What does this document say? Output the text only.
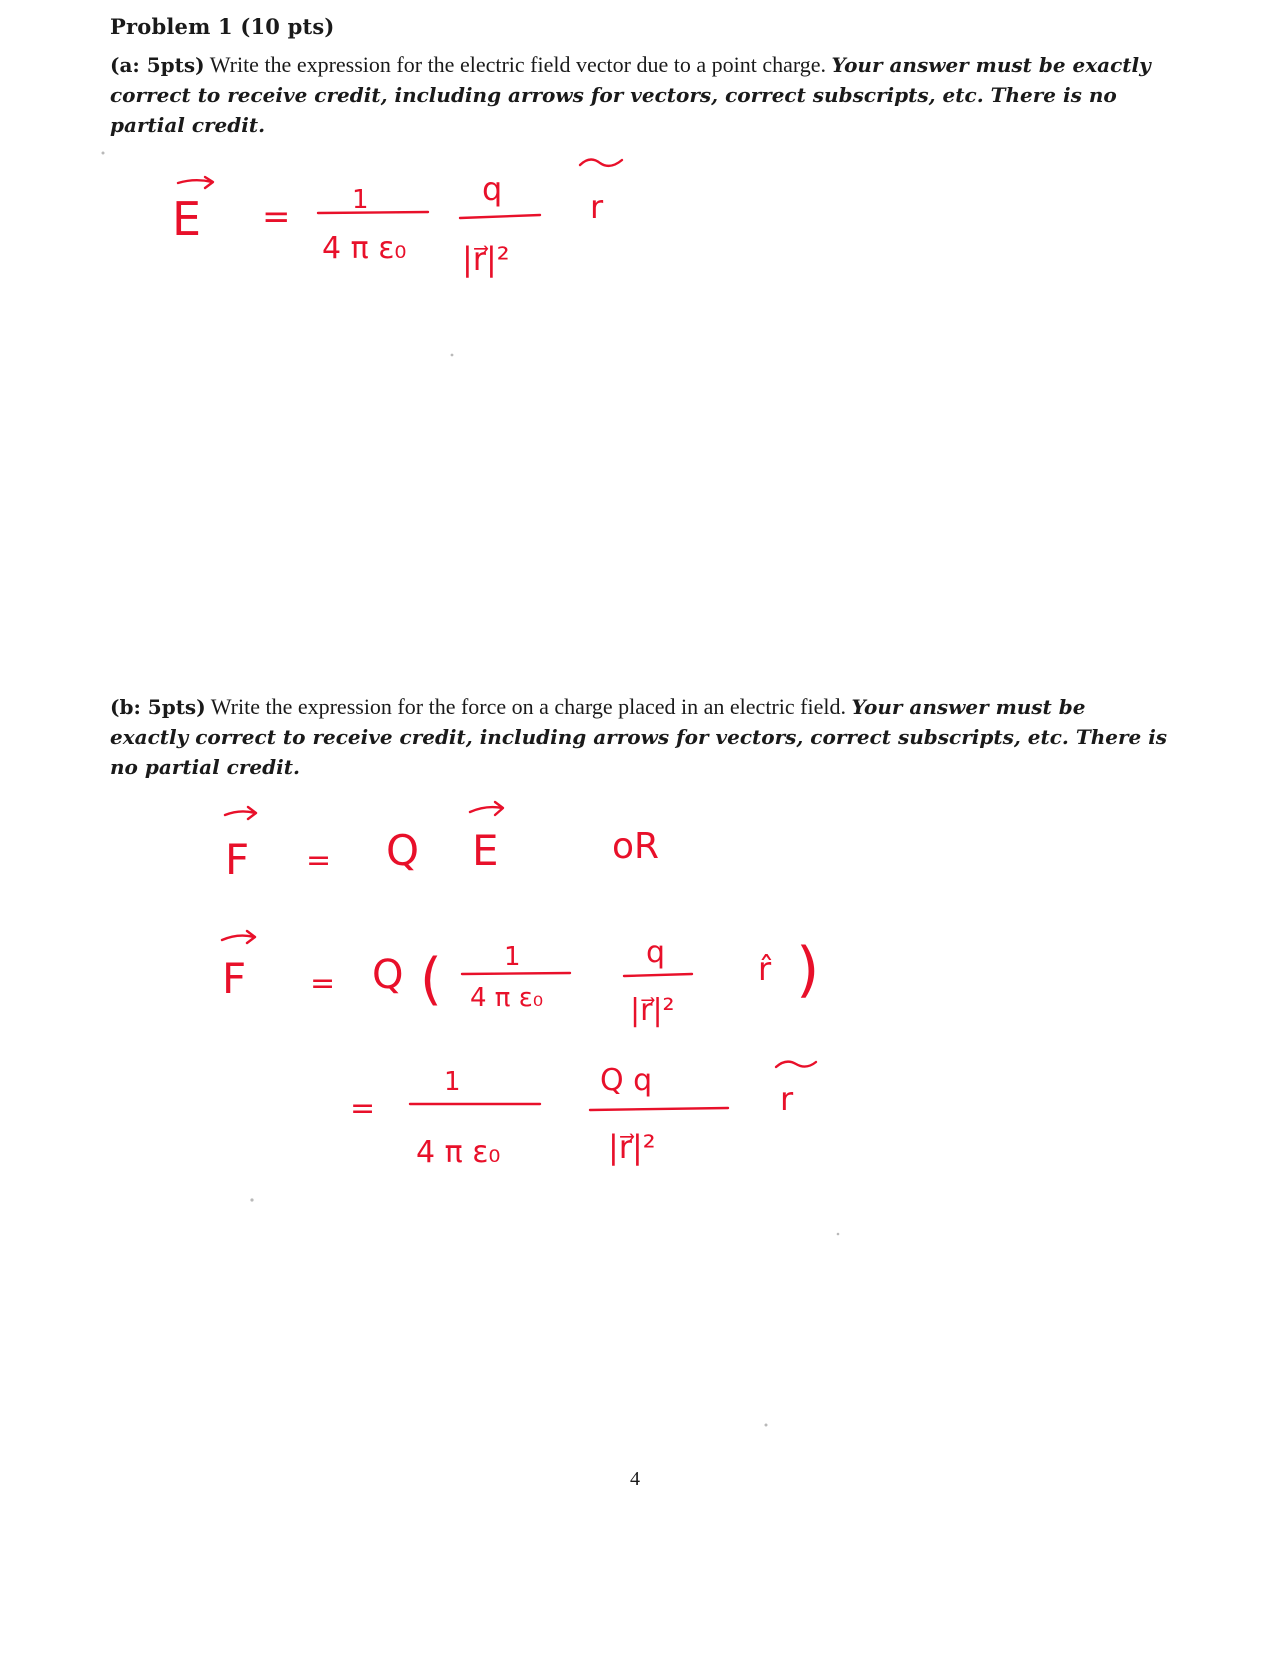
Problem 1 (10 pts)
(a: 5pts) Write the expression for the electric field vector due to a point charge. Your answer must be exactly correct to receive credit, including arrows for vectors, correct subscripts, etc. There is no partial credit.
(b: 5pts) Write the expression for the force on a charge placed in an electric field. Your answer must be exactly correct to receive credit, including arrows for vectors, correct subscripts, etc. There is no partial credit.
E = 1
4 π ε₀
q
|r⃗|²
r
F = Q E	oR
F = Q ( 1
4 π ε₀
q
|r⃗|²
r̂ )
=
1
4 π ε₀
Q q
|r⃗|²
r
4
